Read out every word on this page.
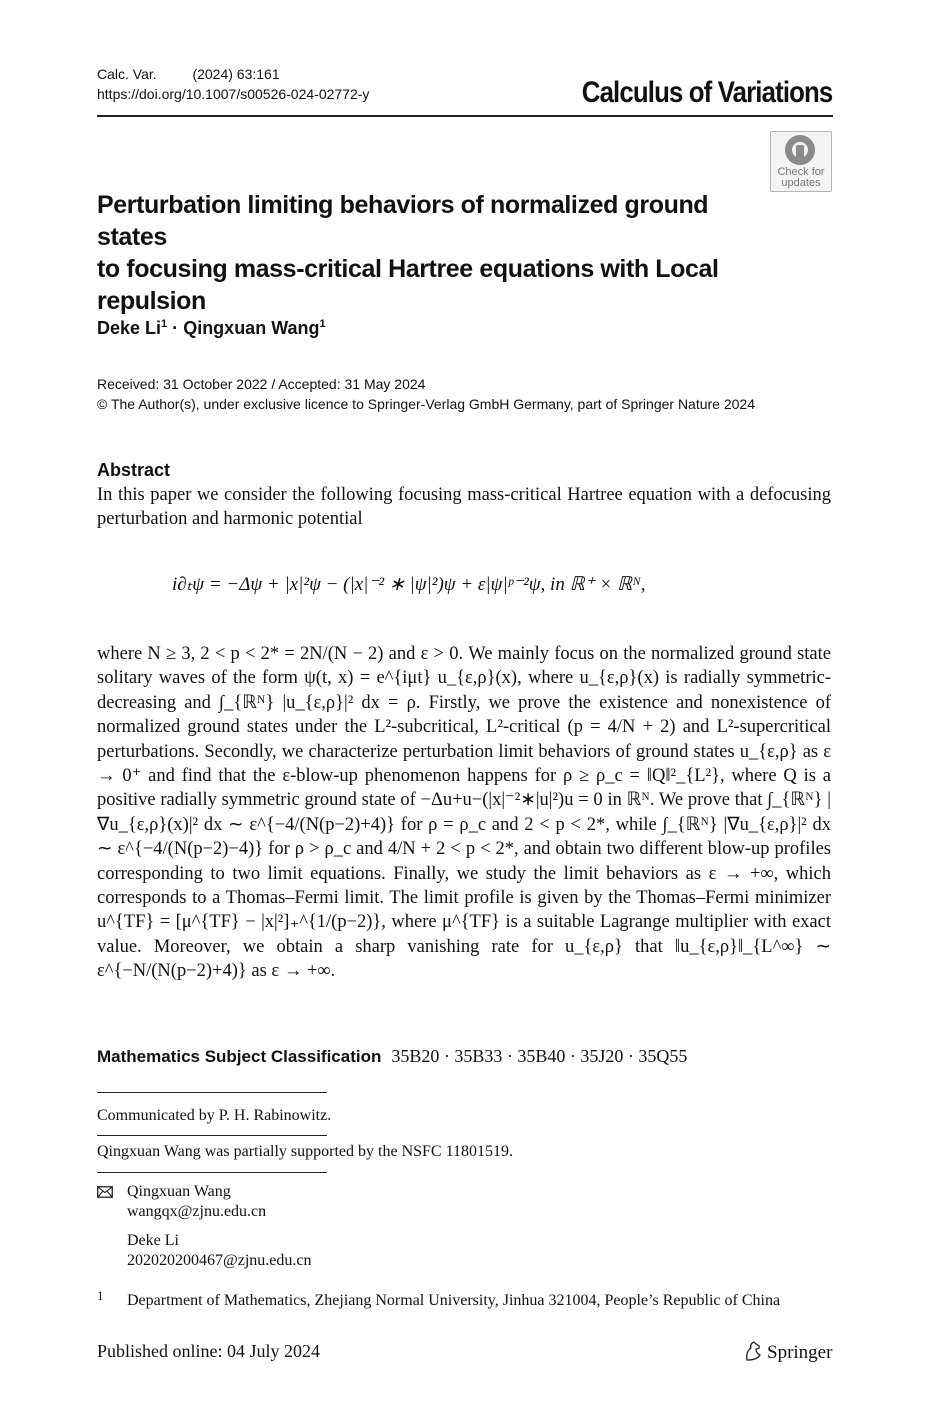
Calc. Var.	(2024) 63:161
https://doi.org/10.1007/s00526-024-02772-y	Calculus of Variations
Check for
updates
Perturbation limiting behaviors of normalized ground states
to focusing mass-critical Hartree equations with Local
repulsion
Deke $Li^1$ · Qingxuan Wang$^1$
Received: 31 October 2022 / Accepted: 31 May 2024
© The Author(s), under exclusive licence to Springer-Verlag GmbH Germany, part of Springer Nature 2024
Abstract
In this paper we consider the following focusing mass-critical Hartree equation with a defocusing perturbation and harmonic potential
i∂ₜψ = −Δψ + |x|²ψ − (|x|⁻² ∗ |ψ|²)ψ + ε|ψ|ᵖ⁻²ψ, in ℝ⁺ × ℝᴺ,
where N ≥ 3, 2 < p < 2* = 2N/(N − 2) and ε > 0. We mainly focus on the normalized ground state solitary waves of the form ψ(t, x) = e^{iμt} u_{ε,ρ}(x), where u_{ε,ρ}(x) is radially symmetric-decreasing and ∫_{ℝᴺ} |u_{ε,ρ}|² dx = ρ. Firstly, we prove the existence and nonexistence of normalized ground states under the L²-subcritical, L²-critical (p = 4/N + 2) and L²-supercritical perturbations. Secondly, we characterize perturbation limit behaviors of ground states u_{ε,ρ} as ε → 0⁺ and find that the ε-blow-up phenomenon happens for ρ ≥ ρ_c = ‖Q‖²_{L²}, where Q is a positive radially symmetric ground state of −Δu+u−(|x|⁻²∗|u|²)u = 0 in ℝᴺ. We prove that ∫_{ℝᴺ} |∇u_{ε,ρ}(x)|² dx ∼ ε^{−4/(N(p−2)+4)} for ρ = ρ_c and 2 < p < 2*, while ∫_{ℝᴺ} |∇u_{ε,ρ}|² dx ∼ ε^{−4/(N(p−2)−4)} for ρ > ρ_c and 4/N + 2 < p < 2*, and obtain two different blow-up profiles corresponding to two limit equations. Finally, we study the limit behaviors as ε → +∞, which corresponds to a Thomas–Fermi limit. The limit profile is given by the Thomas–Fermi minimizer u^{TF} = [μ^{TF} − |x|²]₊^{1/(p−2)}, where μ^{TF} is a suitable Lagrange multiplier with exact value. Moreover, we obtain a sharp vanishing rate for u_{ε,ρ} that ‖u_{ε,ρ}‖_{L^∞} ∼ ε^{−N/(N(p−2)+4)} as ε → +∞.
Mathematics Subject Classification 35B20 · 35B33 · 35B40 · 35J20 · 35Q55
Communicated by P. H. Rabinowitz.
Qingxuan Wang was partially supported by the NSFC 11801519.
Qingxuan Wang
wangqx@zjnu.edu.cn
Deke Li
202020200467@zjnu.edu.cn
1 Department of Mathematics, Zhejiang Normal University, Jinhua 321004, People’s Republic of China
Published online: 04 July 2024	Springer
